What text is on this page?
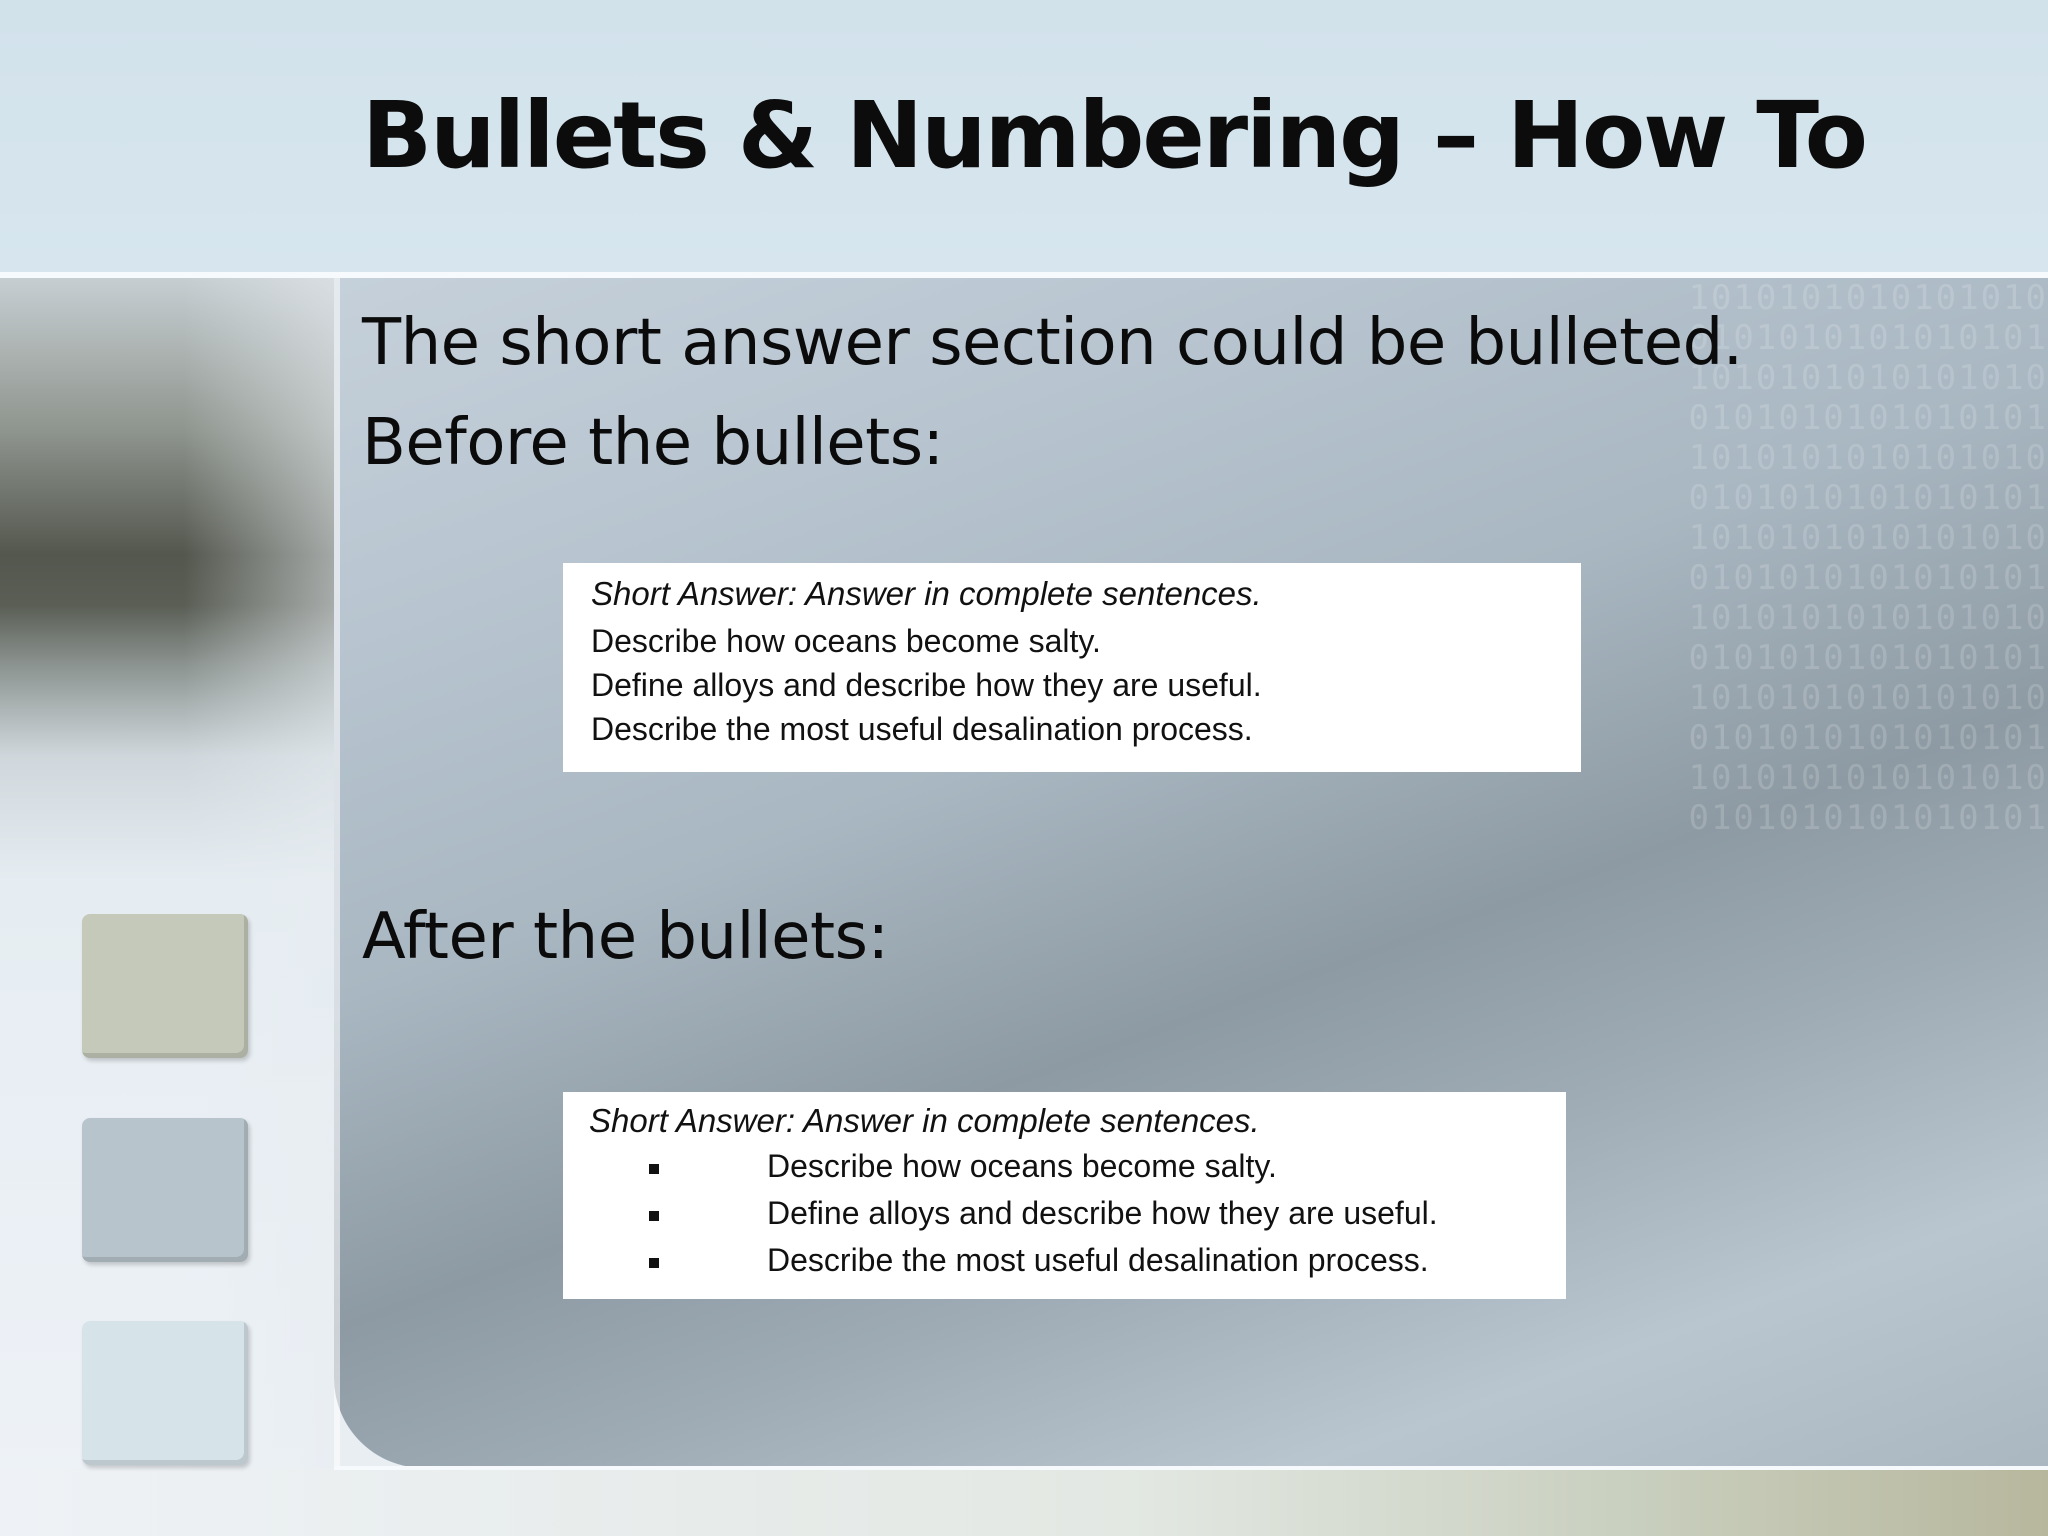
Bullets & Numbering – How To
1010101010101010
0101010101010101
1010101010101010
0101010101010101
1010101010101010
0101010101010101
1010101010101010
0101010101010101
1010101010101010
0101010101010101
1010101010101010
0101010101010101
1010101010101010
0101010101010101
The short answer section could be bulleted.
Before the bullets:
Short Answer: Answer in complete sentences.
Describe how oceans become salty.
Define alloys and describe how they are useful.
Describe the most useful desalination process.
After the bullets:
Short Answer: Answer in complete sentences.
Describe how oceans become salty.
Define alloys and describe how they are useful.
Describe the most useful desalination process.
